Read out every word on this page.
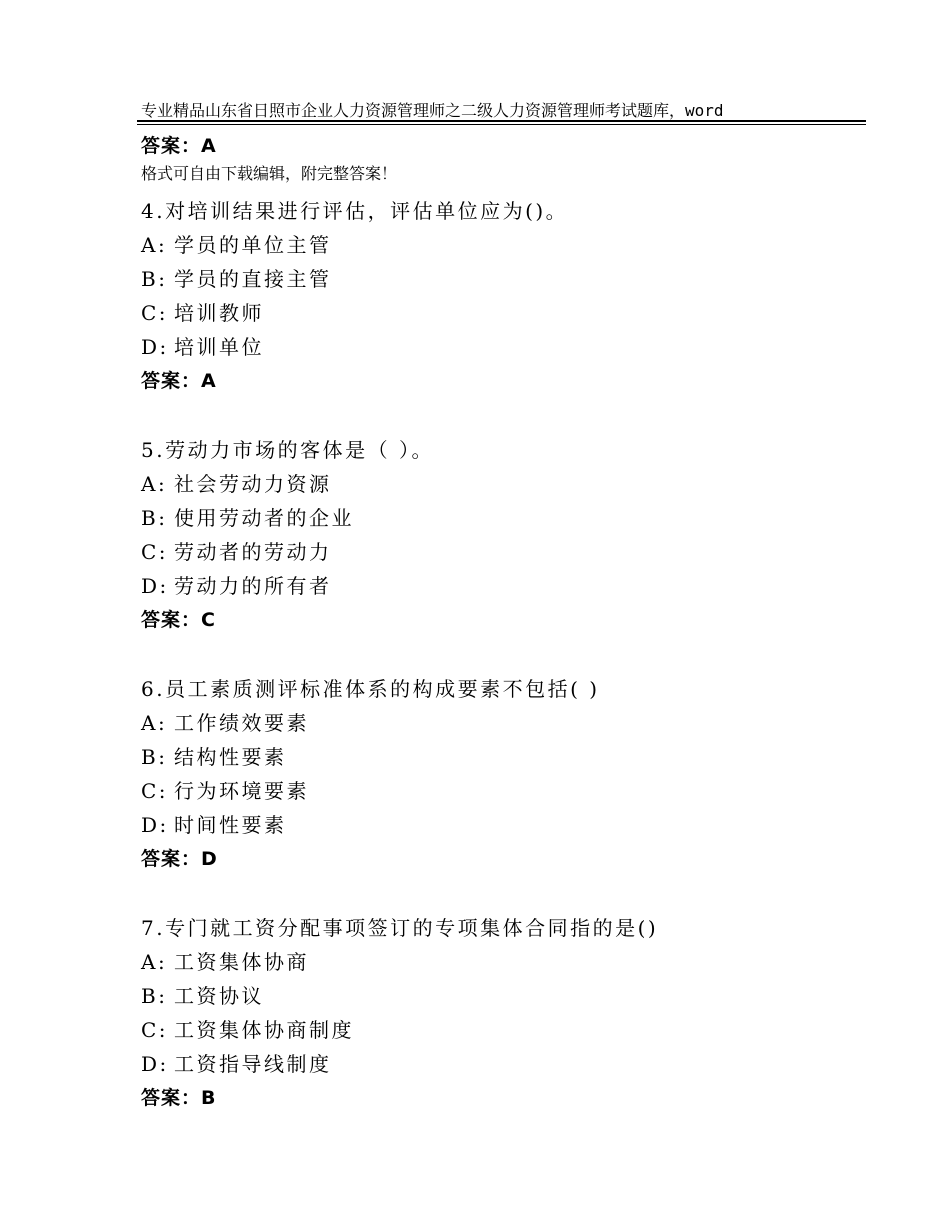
专业精品山东省日照市企业人力资源管理师之二级人力资源管理师考试题库，word

格式可自由下载编辑，附完整答案！

答案：A
4.对培训结果进行评估，评估单位应为()。
A: 学员的单位主管
B: 学员的直接主管
C: 培训教师
D: 培训单位
答案：A
5.劳动力市场的客体是（ ）。
A: 社会劳动力资源
B: 使用劳动者的企业
C: 劳动者的劳动力
D: 劳动力的所有者
答案：C
6.员工素质测评标准体系的构成要素不包括( )
A: 工作绩效要素
B: 结构性要素
C: 行为环境要素
D: 时间性要素
答案：D
7.专门就工资分配事项签订的专项集体合同指的是()
A: 工资集体协商
B: 工资协议
C: 工资集体协商制度
D: 工资指导线制度
答案：B
